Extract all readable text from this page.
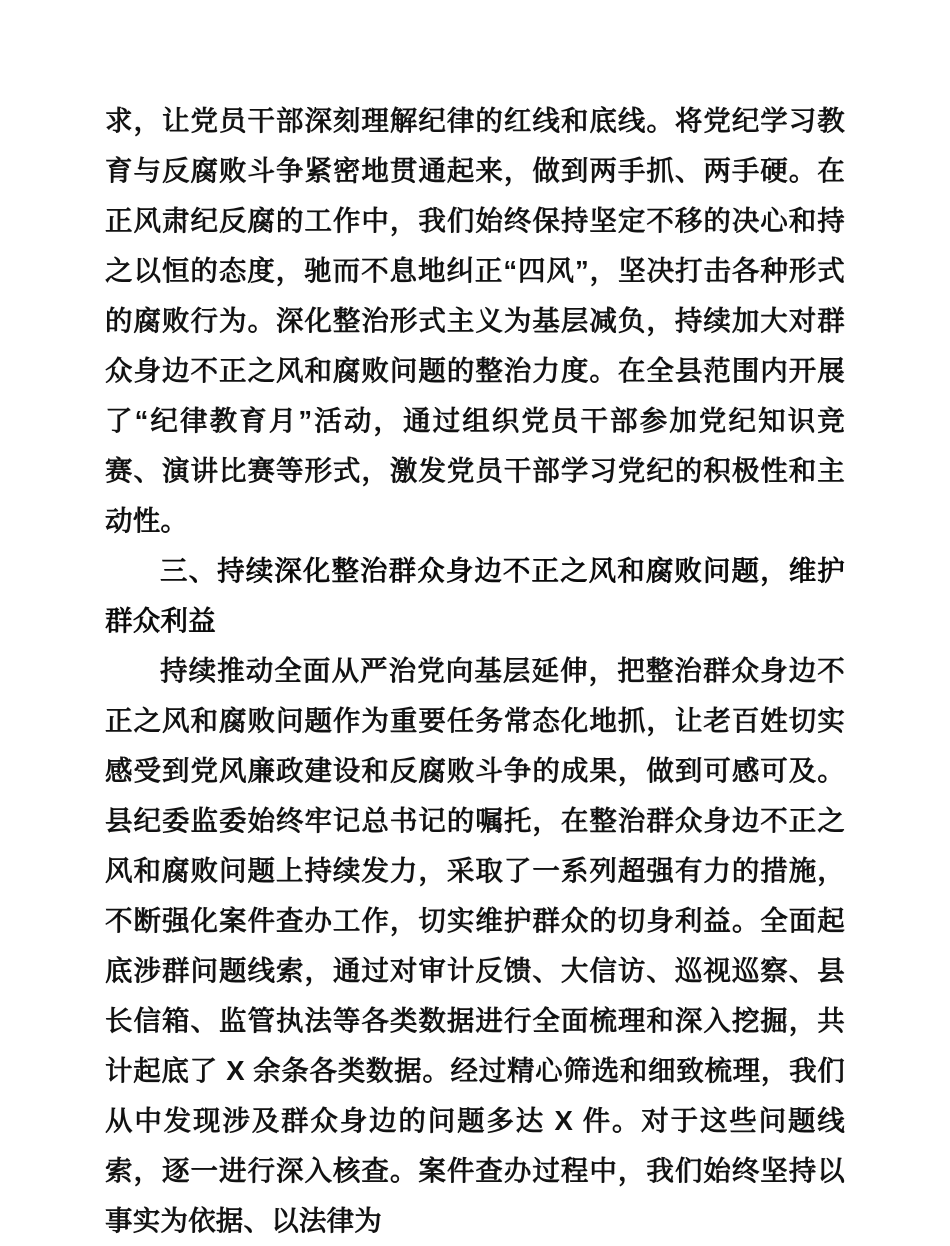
求，让党员干部深刻理解纪律的红线和底线。将党纪学习教育与反腐败斗争紧密地贯通起来，做到两手抓、两手硬。在正风肃纪反腐的工作中，我们始终保持坚定不移的决心和持之以恒的态度，驰而不息地纠正“四风”，坚决打击各种形式的腐败行为。深化整治形式主义为基层减负，持续加大对群众身边不正之风和腐败问题的整治力度。在全县范围内开展了“纪律教育月”活动，通过组织党员干部参加党纪知识竞赛、演讲比赛等形式，激发党员干部学习党纪的积极性和主动性。

三、持续深化整治群众身边不正之风和腐败问题，维护群众利益

持续推动全面从严治党向基层延伸，把整治群众身边不正之风和腐败问题作为重要任务常态化地抓，让老百姓切实感受到党风廉政建设和反腐败斗争的成果，做到可感可及。县纪委监委始终牢记总书记的嘱托，在整治群众身边不正之风和腐败问题上持续发力，采取了一系列超强有力的措施，不断强化案件查办工作，切实维护群众的切身利益。全面起底涉群问题线索，通过对审计反馈、大信访、巡视巡察、县长信箱、监管执法等各类数据进行全面梳理和深入挖掘，共计起底了 X 余条各类数据。经过精心筛选和细致梳理，我们从中发现涉及群众身边的问题多达 X 件。对于这些问题线索，逐一进行深入核查。案件查办过程中，我们始终坚持以事实为依据、以法律为
